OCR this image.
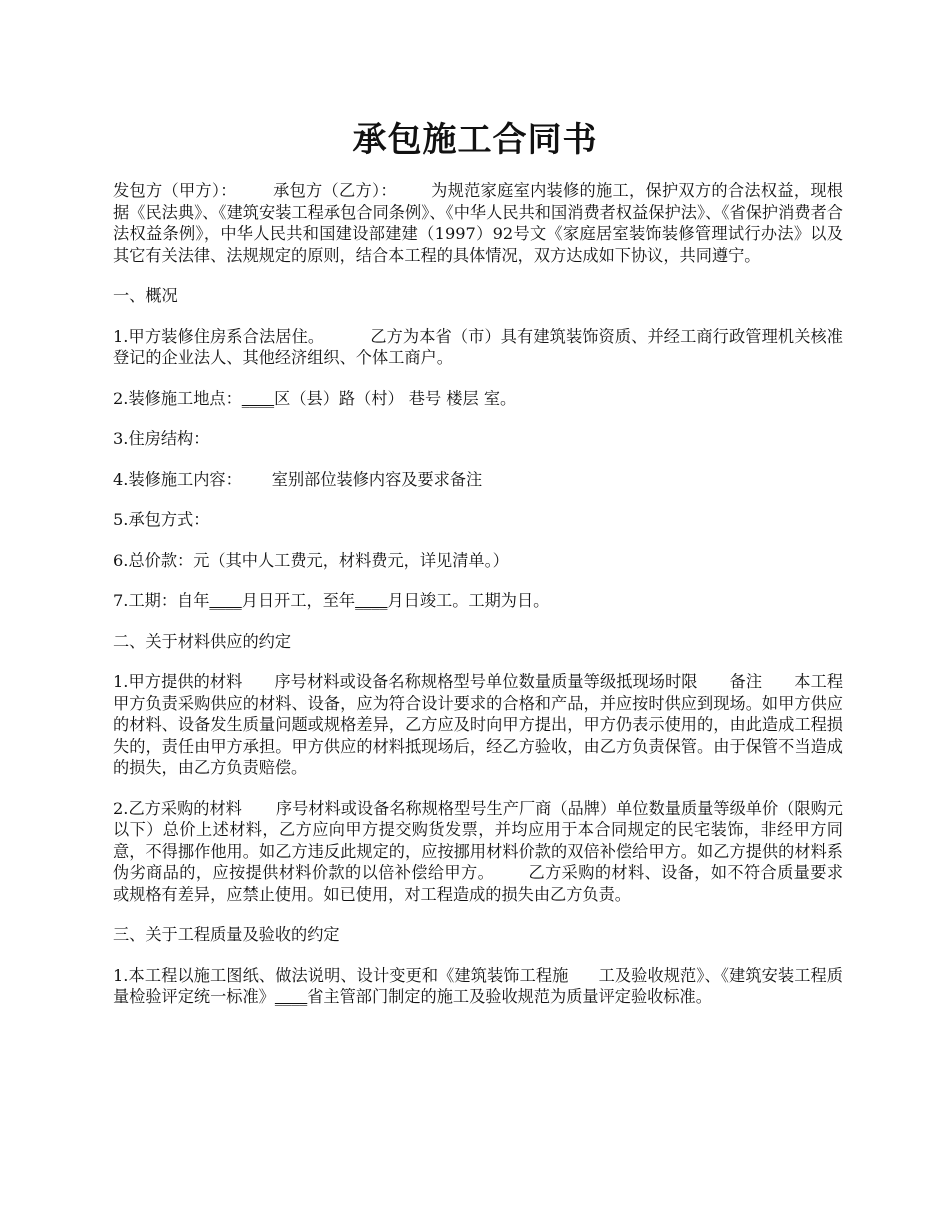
承包施工合同书

发包方（甲方）： 承包方（乙方）： 为规范家庭室内装修的施工，保护双方的合法权益，现根据《民法典》、《建筑安装工程承包合同条例》、《中华人民共和国消费者权益保护法》、《省保护消费者合法权益条例》，中华人民共和国建设部建建（1997）92号文《家庭居室装饰装修管理试行办法》以及其它有关法律、法规规定的原则，结合本工程的具体情况，双方达成如下协议，共同遵宁。

一、概况

1.甲方装修住房系合法居住。	乙方为本省（市）具有建筑装饰资质、并经工商行政管理机关核准登记的企业法人、其他经济组织、个体工商户。

2.装修施工地点：____区（县）路（村） 巷号 楼层 室。

3.住房结构：

4.装修施工内容： 室别部位装修内容及要求备注

5.承包方式：

6.总价款：元（其中人工费元，材料费元，详见清单。）

7.工期：自年____月日开工，至年____月日竣工。工期为日。

二、关于材料供应的约定

1.甲方提供的材料 序号材料或设备名称规格型号单位数量质量等级抵现场时限 备注 本工程甲方负责采购供应的材料、设备，应为符合设计要求的合格和产品，并应按时供应到现场。如甲方供应的材料、设备发生质量问题或规格差异，乙方应及时向甲方提出，甲方仍表示使用的，由此造成工程损失的，责任由甲方承担。甲方供应的材料抵现场后，经乙方验收，由乙方负责保管。由于保管不当造成的损失，由乙方负责赔偿。

2.乙方采购的材料 序号材料或设备名称规格型号生产厂商（品牌）单位数量质量等级单价（限购元以下）总价上述材料，乙方应向甲方提交购货发票，并均应用于本合同规定的民宅装饰，非经甲方同意，不得挪作他用。如乙方违反此规定的，应按挪用材料价款的双倍补偿给甲方。如乙方提供的材料系伪劣商品的，应按提供材料价款的以倍补偿给甲方。 乙方采购的材料、设备，如不符合质量要求或规格有差异，应禁止使用。如已使用，对工程造成的损失由乙方负责。

三、关于工程质量及验收的约定

1.本工程以施工图纸、做法说明、设计变更和《建筑装饰工程施 工及验收规范》、《建筑安装工程质量检验评定统一标准》____省主管部门制定的施工及验收规范为质量评定验收标准。
